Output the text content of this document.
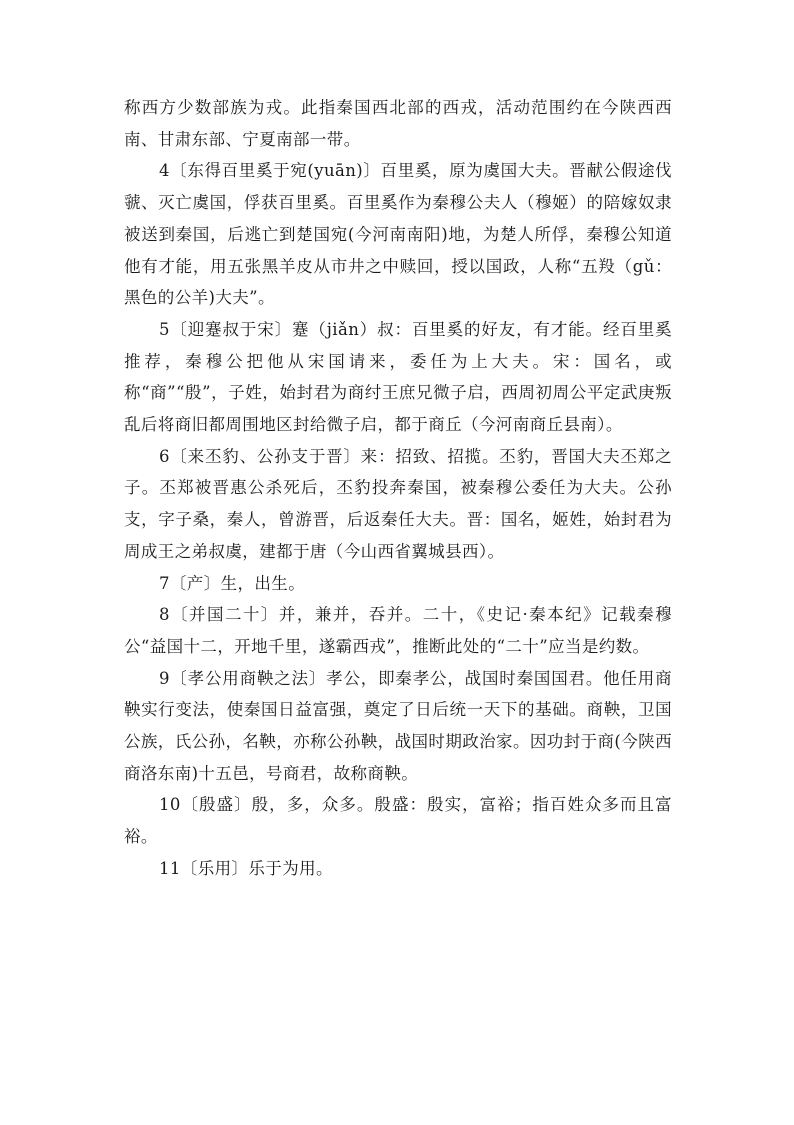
称西方少数部族为戎。此指秦国西北部的西戎，活动范围约在今陕西西南、甘肃东部、宁夏南部一带。

4〔东得百里奚于宛(yuān)〕百里奚，原为虞国大夫。晋献公假途伐虢、灭亡虞国，俘获百里奚。百里奚作为秦穆公夫人（穆姬）的陪嫁奴隶被送到秦国，后逃亡到楚国宛(今河南南阳)地，为楚人所俘，秦穆公知道他有才能，用五张黑羊皮从市井之中赎回，授以国政，人称“五羖（gǔ：黑色的公羊)大夫”。

5〔迎蹇叔于宋〕蹇（jiǎn）叔：百里奚的好友，有才能。经百里奚推荐，秦穆公把他从宋国请来，委任为上大夫。宋：国名，或称“商”“殷”，子姓，始封君为商纣王庶兄微子启，西周初周公平定武庚叛乱后将商旧都周围地区封给微子启，都于商丘（今河南商丘县南）。

6〔来丕豹、公孙支于晋〕来：招致、招揽。丕豹，晋国大夫丕郑之子。丕郑被晋惠公杀死后，丕豹投奔秦国，被秦穆公委任为大夫。公孙支，字子桑，秦人，曾游晋，后返秦任大夫。晋：国名，姬姓，始封君为周成王之弟叔虞，建都于唐（今山西省翼城县西）。

7〔产〕生，出生。

8〔并国二十〕并，兼并，吞并。二十，《史记·秦本纪》记载秦穆公“益国十二，开地千里，遂霸西戎”，推断此处的“二十”应当是约数。

9〔孝公用商鞅之法〕孝公，即秦孝公，战国时秦国国君。他任用商鞅实行变法，使秦国日益富强，奠定了日后统一天下的基础。商鞅，卫国公族，氏公孙，名鞅，亦称公孙鞅，战国时期政治家。因功封于商(今陕西商洛东南)十五邑，号商君，故称商鞅。

10〔殷盛〕殷，多，众多。殷盛：殷实，富裕；指百姓众多而且富裕。

11〔乐用〕乐于为用。
